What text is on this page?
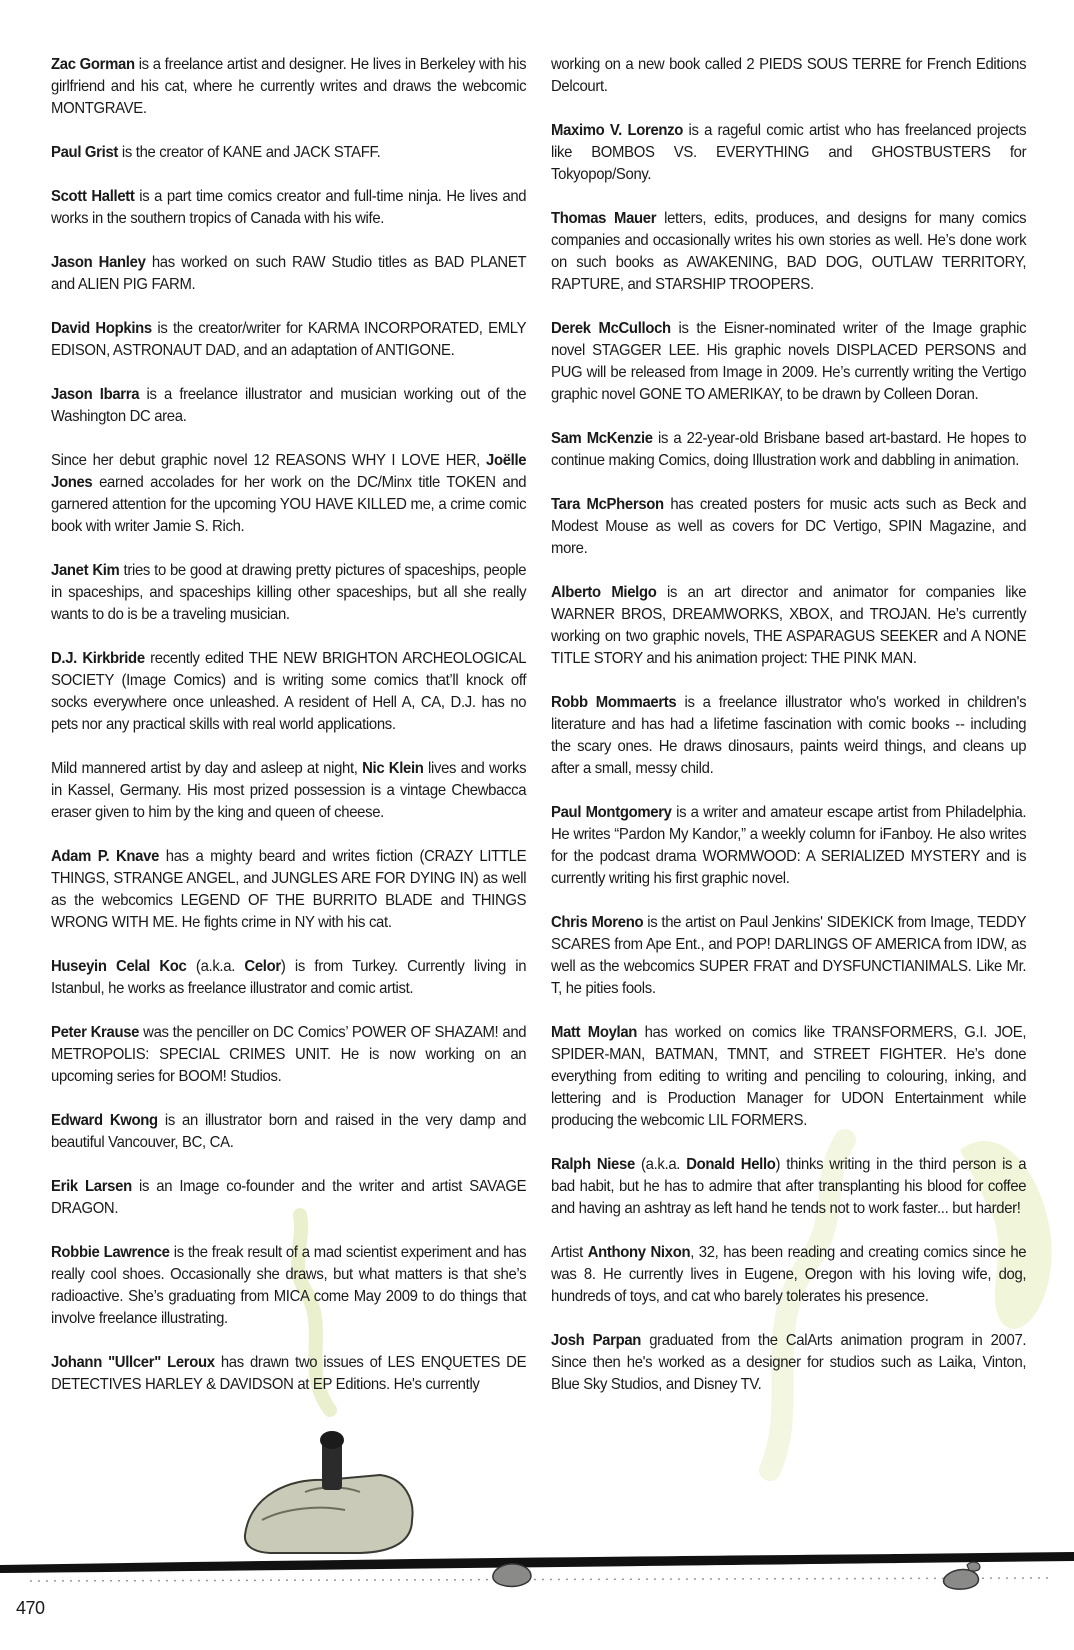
Zac Gorman is a freelance artist and designer. He lives in Berkeley with his girlfriend and his cat, where he currently writes and draws the webcomic MONTGRAVE.

Paul Grist is the creator of KANE and JACK STAFF.

Scott Hallett is a part time comics creator and full-time ninja. He lives and works in the southern tropics of Canada with his wife.

Jason Hanley has worked on such RAW Studio titles as BAD PLANET and ALIEN PIG FARM.

David Hopkins is the creator/writer for KARMA INCORPORATED, EMLY EDISON, ASTRONAUT DAD, and an adaptation of ANTIGONE.

Jason Ibarra is a freelance illustrator and musician working out of the Washington DC area.

Since her debut graphic novel 12 REASONS WHY I LOVE HER, Joëlle Jones earned accolades for her work on the DC/Minx title TOKEN and garnered attention for the upcoming YOU HAVE KILLED me, a crime comic book with writer Jamie S. Rich.

Janet Kim tries to be good at drawing pretty pictures of spaceships, people in spaceships, and spaceships killing other spaceships, but all she really wants to do is be a traveling musician.

D.J. Kirkbride recently edited THE NEW BRIGHTON ARCHEOLOGICAL SOCIETY (Image Comics) and is writing some comics that’ll knock off socks everywhere once unleashed. A resident of Hell A, CA, D.J. has no pets nor any practical skills with real world applications.

Mild mannered artist by day and asleep at night, Nic Klein lives and works in Kassel, Germany. His most prized possession is a vintage Chewbacca eraser given to him by the king and queen of cheese.

Adam P. Knave has a mighty beard and writes fiction (CRAZY LITTLE THINGS, STRANGE ANGEL, and JUNGLES ARE FOR DYING IN) as well as the webcomics LEGEND OF THE BURRITO BLADE and THINGS WRONG WITH ME. He fights crime in NY with his cat.

Huseyin Celal Koc (a.k.a. Celor) is from Turkey. Currently living in Istanbul, he works as freelance illustrator and comic artist.

Peter Krause was the penciller on DC Comics’ POWER OF SHAZAM! and METROPOLIS: SPECIAL CRIMES UNIT. He is now working on an upcoming series for BOOM! Studios.

Edward Kwong is an illustrator born and raised in the very damp and beautiful Vancouver, BC, CA.

Erik Larsen is an Image co-founder and the writer and artist SAVAGE DRAGON.

Robbie Lawrence is the freak result of a mad scientist experiment and has really cool shoes. Occasionally she draws, but what matters is that she’s radioactive. She’s graduating from MICA come May 2009 to do things that involve freelance illustrating.

Johann "Ullcer" Leroux has drawn two issues of LES ENQUETES DE DETECTIVES HARLEY & DAVIDSON at EP Editions. He's currently

working on a new book called 2 PIEDS SOUS TERRE for French Editions Delcourt.

Maximo V. Lorenzo is a rageful comic artist who has freelanced projects like BOMBOS VS. EVERYTHING and GHOSTBUSTERS for Tokyopop/Sony.

Thomas Mauer letters, edits, produces, and designs for many comics companies and occasionally writes his own stories as well. He’s done work on such books as AWAKENING, BAD DOG, OUTLAW TERRITORY, RAPTURE, and STARSHIP TROOPERS.

Derek McCulloch is the Eisner-nominated writer of the Image graphic novel STAGGER LEE. His graphic novels DISPLACED PERSONS and PUG will be released from Image in 2009. He’s currently writing the Vertigo graphic novel GONE TO AMERIKAY, to be drawn by Colleen Doran.

Sam McKenzie is a 22-year-old Brisbane based art-bastard. He hopes to continue making Comics, doing Illustration work and dabbling in animation.

Tara McPherson has created posters for music acts such as Beck and Modest Mouse as well as covers for DC Vertigo, SPIN Magazine, and more.

Alberto Mielgo is an art director and animator for companies like WARNER BROS, DREAMWORKS, XBOX, and TROJAN. He’s currently working on two graphic novels, THE ASPARAGUS SEEKER and A NONE TITLE STORY and his animation project: THE PINK MAN.

Robb Mommaerts is a freelance illustrator who's worked in children's literature and has had a lifetime fascination with comic books -- including the scary ones. He draws dinosaurs, paints weird things, and cleans up after a small, messy child.

Paul Montgomery is a writer and amateur escape artist from Philadelphia. He writes “Pardon My Kandor,” a weekly column for iFanboy. He also writes for the podcast drama WORMWOOD: A SERIALIZED MYSTERY and is currently writing his first graphic novel.

Chris Moreno is the artist on Paul Jenkins' SIDEKICK from Image, TEDDY SCARES from Ape Ent., and POP! DARLINGS OF AMERICA from IDW, as well as the webcomics SUPER FRAT and DYSFUNCTIANIMALS. Like Mr. T, he pities fools.

Matt Moylan has worked on comics like TRANSFORMERS, G.I. JOE, SPIDER-MAN, BATMAN, TMNT, and STREET FIGHTER. He’s done everything from editing to writing and penciling to colouring, inking, and lettering and is Production Manager for UDON Entertainment while producing the webcomic LIL FORMERS.

Ralph Niese (a.k.a. Donald Hello) thinks writing in the third person is a bad habit, but he has to admire that after transplanting his blood for coffee and having an ashtray as left hand he tends not to work faster... but harder!

Artist Anthony Nixon, 32, has been reading and creating comics since he was 8. He currently lives in Eugene, Oregon with his loving wife, dog, hundreds of toys, and cat who barely tolerates his presence.

Josh Parpan graduated from the CalArts animation program in 2007. Since then he's worked as a designer for studios such as Laika, Vinton, Blue Sky Studios, and Disney TV.

470
